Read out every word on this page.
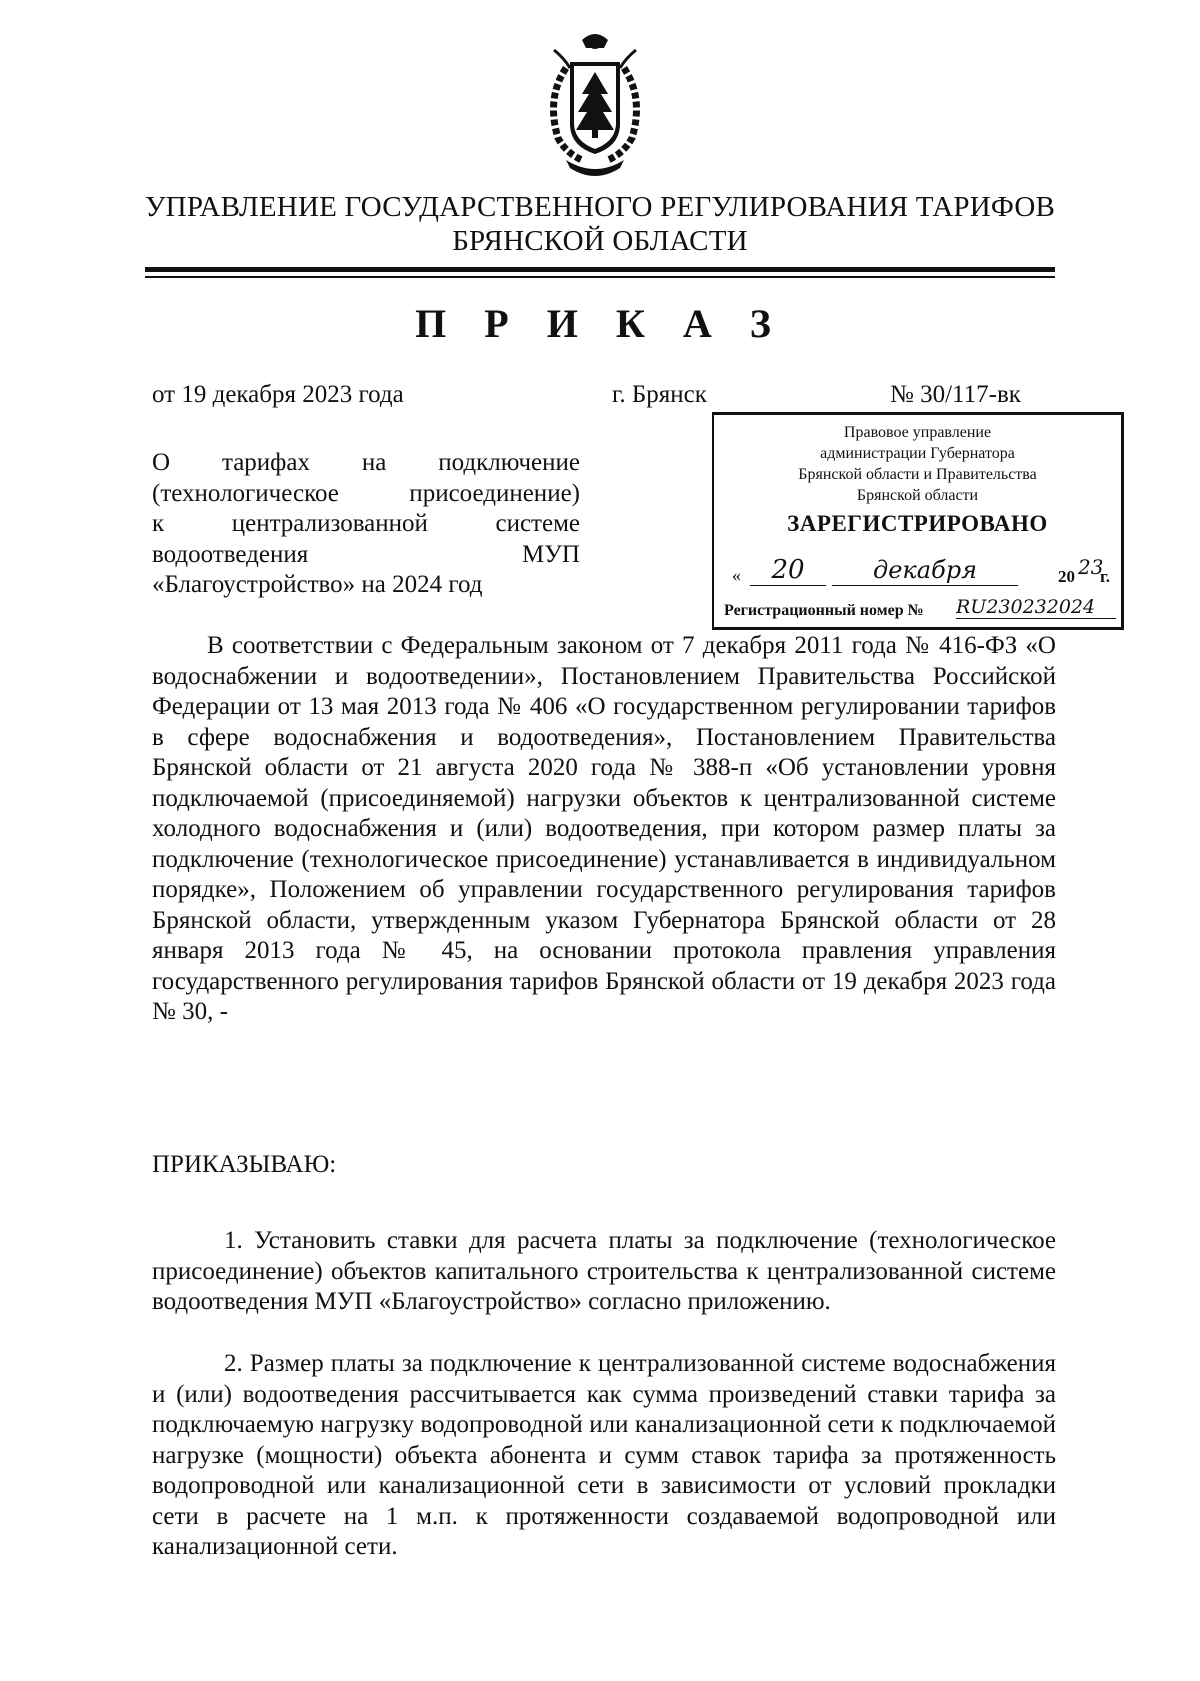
УПРАВЛЕНИЕ ГОСУДАРСТВЕННОГО РЕГУЛИРОВАНИЯ ТАРИФОВ
БРЯНСКОЙ ОБЛАСТИ
П Р И К А З
от 19 декабря 2023 года	г. Брянск	№ 30/117-вк
Правовое управление
администрации Губернатора
Брянской области и Правительства
Брянской области
ЗАРЕГИСТРИРОВАНО
«	20	декабря	20 23
г.
Регистрационный номер № RU230232024

О тарифах на подключение

(технологическое присоединение)

к централизованной системе

водоотведения МУП

«Благоустройство» на 2024 год

В соответствии с Федеральным законом от 7 декабря 2011 года № 416-ФЗ «О водоснабжении и водоотведении», Постановлением Правительства Российской Федерации от 13 мая 2013 года № 406 «О государственном регулировании тарифов в сфере водоснабжения и водоотведения», Постановлением Правительства Брянской области от 21 августа 2020 года № 388-п «Об установлении уровня подключаемой (присоединяемой) нагрузки объектов к централизованной системе холодного водоснабжения и (или) водоотведения, при котором размер платы за подключение (технологическое присоединение) устанавливается в индивидуальном порядке», Положением об управлении государственного регулирования тарифов Брянской области, утвержденным указом Губернатора Брянской области от 28 января 2013 года № 45, на основании протокола правления управления государственного регулирования тарифов Брянской области от 19 декабря 2023 года № 30, -

ПРИКАЗЫВАЮ:

1. Установить ставки для расчета платы за подключение (технологическое присоединение) объектов капитального строительства к централизованной системе водоотведения МУП «Благоустройство» согласно приложению.

2. Размер платы за подключение к централизованной системе водоснабжения и (или) водоотведения рассчитывается как сумма произведений ставки тарифа за подключаемую нагрузку водопроводной или канализационной сети к подключаемой нагрузке (мощности) объекта абонента и сумм ставок тарифа за протяженность водопроводной или канализационной сети в зависимости от условий прокладки сети в расчете на 1 м.п. к протяженности создаваемой водопроводной или канализационной сети.
